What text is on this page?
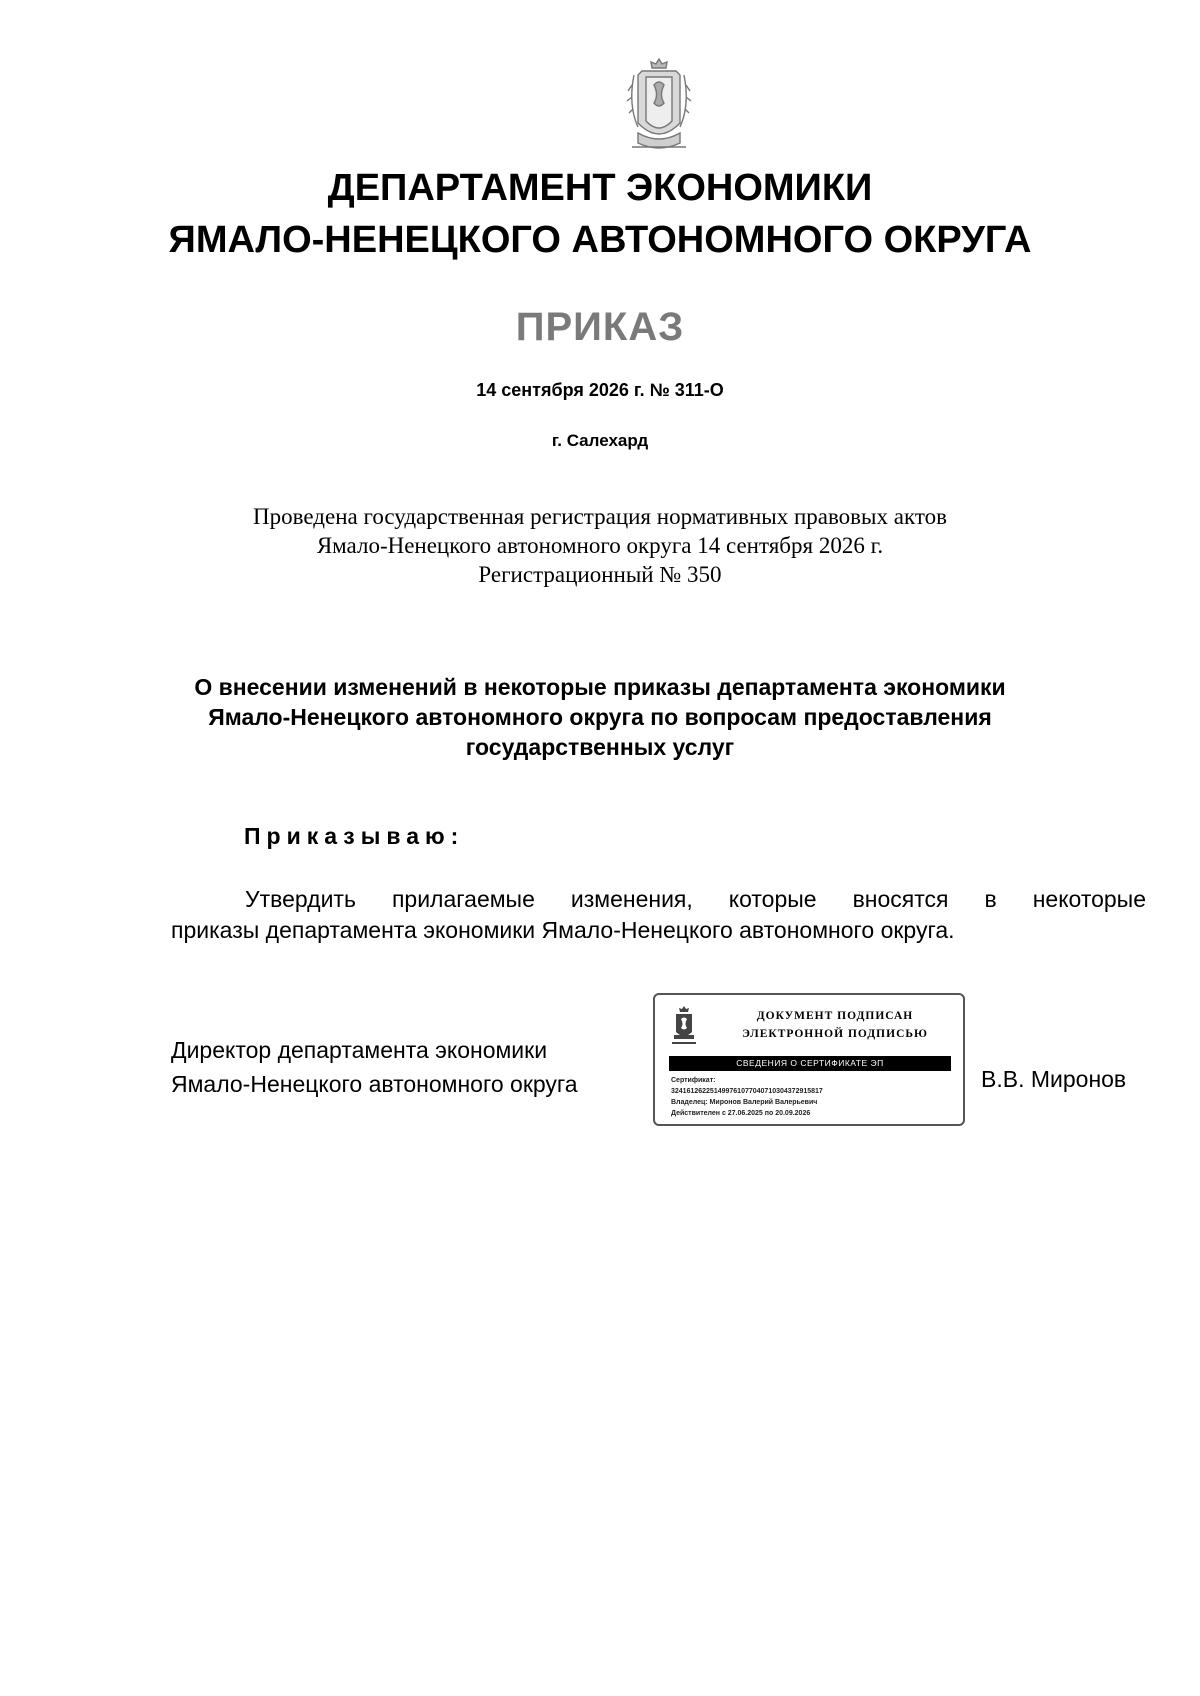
ДЕПАРТАМЕНТ ЭКОНОМИКИ
ЯМАЛО-НЕНЕЦКОГО АВТОНОМНОГО ОКРУГА
ПРИКАЗ
14 сентября 2026 г. № 311-О
г. Салехард
Проведена государственная регистрация нормативных правовых актов
Ямало-Ненецкого автономного округа 14 сентября 2026 г.
Регистрационный № 350
О внесении изменений в некоторые приказы департамента экономики
Ямало-Ненецкого автономного округа по вопросам предоставления
государственных услуг
Приказываю:
Утвердить прилагаемые изменения, которые вносятся в некоторые
приказы департамента экономики Ямало-Ненецкого автономного округа.
Директор департамента экономики
Ямало-Ненецкого автономного округа
ДОКУМЕНТ ПОДПИСАН
ЭЛЕКТРОННОЙ ПОДПИСЬЮ
СВЕДЕНИЯ О СЕРТИФИКАТЕ ЭП
Сертификат:
324161262251499761077040710304372915817
Владелец: Миронов Валерий Валерьевич
Действителен с 27.06.2025 по 20.09.2026
В.В. Миронов
